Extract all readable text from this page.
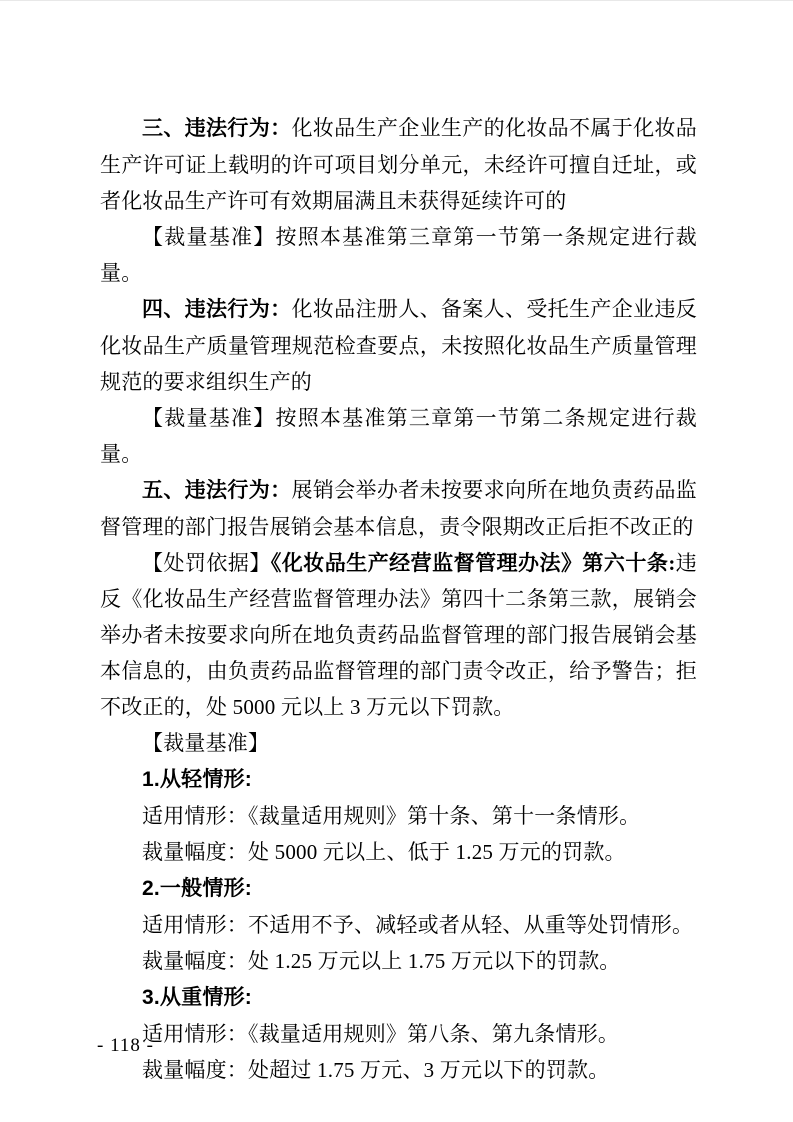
三、违法行为：化妆品生产企业生产的化妆品不属于化妆品生产许可证上载明的许可项目划分单元，未经许可擅自迁址，或者化妆品生产许可有效期届满且未获得延续许可的

【裁量基准】按照本基准第三章第一节第一条规定进行裁量。

四、违法行为：化妆品注册人、备案人、受托生产企业违反化妆品生产质量管理规范检查要点，未按照化妆品生产质量管理规范的要求组织生产的

【裁量基准】按照本基准第三章第一节第二条规定进行裁量。

五、违法行为：展销会举办者未按要求向所在地负责药品监督管理的部门报告展销会基本信息，责令限期改正后拒不改正的

【处罚依据】《化妆品生产经营监督管理办法》第六十条:违反《化妆品生产经营监督管理办法》第四十二条第三款，展销会举办者未按要求向所在地负责药品监督管理的部门报告展销会基本信息的，由负责药品监督管理的部门责令改正，给予警告；拒不改正的，处 5000 元以上 3 万元以下罚款。

【裁量基准】

1.从轻情形:

适用情形：《裁量适用规则》第十条、第十一条情形。

裁量幅度：处 5000 元以上、低于 1.25 万元的罚款。

2.一般情形:

适用情形：不适用不予、减轻或者从轻、从重等处罚情形。

裁量幅度：处 1.25 万元以上 1.75 万元以下的罚款。

3.从重情形:

适用情形：《裁量适用规则》第八条、第九条情形。

裁量幅度：处超过 1.75 万元、3 万元以下的罚款。

- 118 -
